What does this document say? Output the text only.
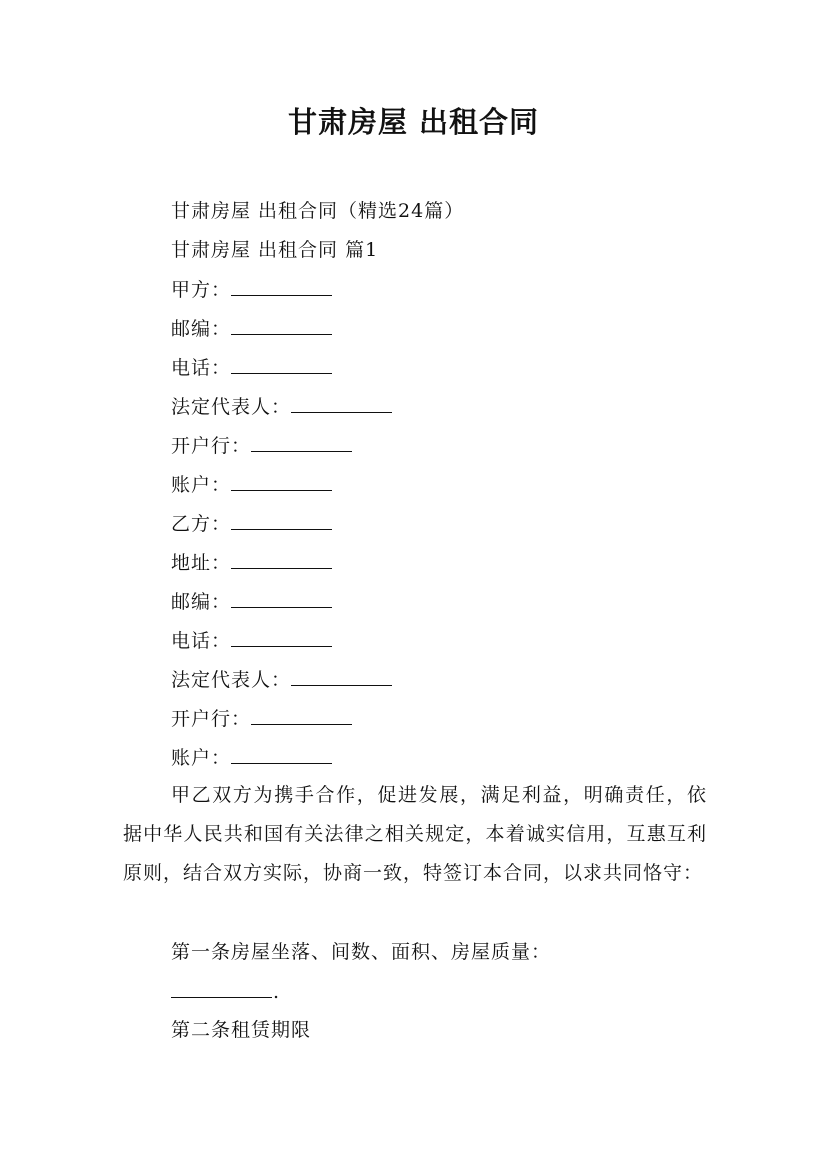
甘肃房屋 出租合同
甘肃房屋 出租合同（精选24篇）
甘肃房屋 出租合同 篇1
甲方：
邮编：
电话：
法定代表人：
开户行：
账户：
乙方：
地址：
邮编：
电话：
法定代表人：
开户行：
账户：

甲乙双方为携手合作，促进发展，满足利益，明确责任，依据中华人民共和国有关法律之相关规定，本着诚实信用，互惠互利原则，结合双方实际，协商一致，特签订本合同，以求共同恪守：

第一条房屋坐落、间数、面积、房屋质量：
.
第二条租赁期限
